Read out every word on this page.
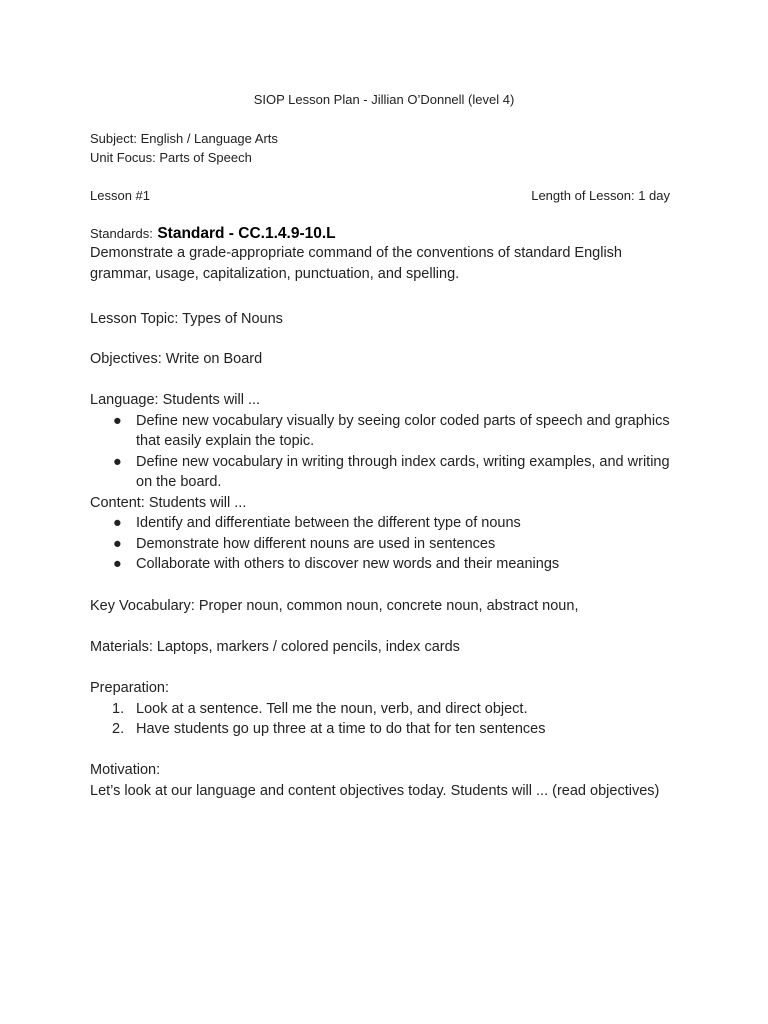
SIOP Lesson Plan - Jillian O’Donnell (level 4)
Subject: English / Language Arts
Unit Focus: Parts of Speech
Lesson #1	Length of Lesson: 1 day
Standards: Standard - CC.1.4.9-10.L
Demonstrate a grade-appropriate command of the conventions of standard English grammar, usage, capitalization, punctuation, and spelling.
Lesson Topic: Types of Nouns
Objectives: Write on Board
Language: Students will ...
● Define new vocabulary visually by seeing color coded parts of speech and graphics that easily explain the topic.
● Define new vocabulary in writing through index cards, writing examples, and writing on the board.
Content: Students will ...
● Identify and differentiate between the different type of nouns
● Demonstrate how different nouns are used in sentences
● Collaborate with others to discover new words and their meanings
Key Vocabulary: Proper noun, common noun, concrete noun, abstract noun,
Materials: Laptops, markers / colored pencils, index cards
Preparation:
1. Look at a sentence. Tell me the noun, verb, and direct object.
2. Have students go up three at a time to do that for ten sentences
Motivation:
Let’s look at our language and content objectives today. Students will ... (read objectives)
